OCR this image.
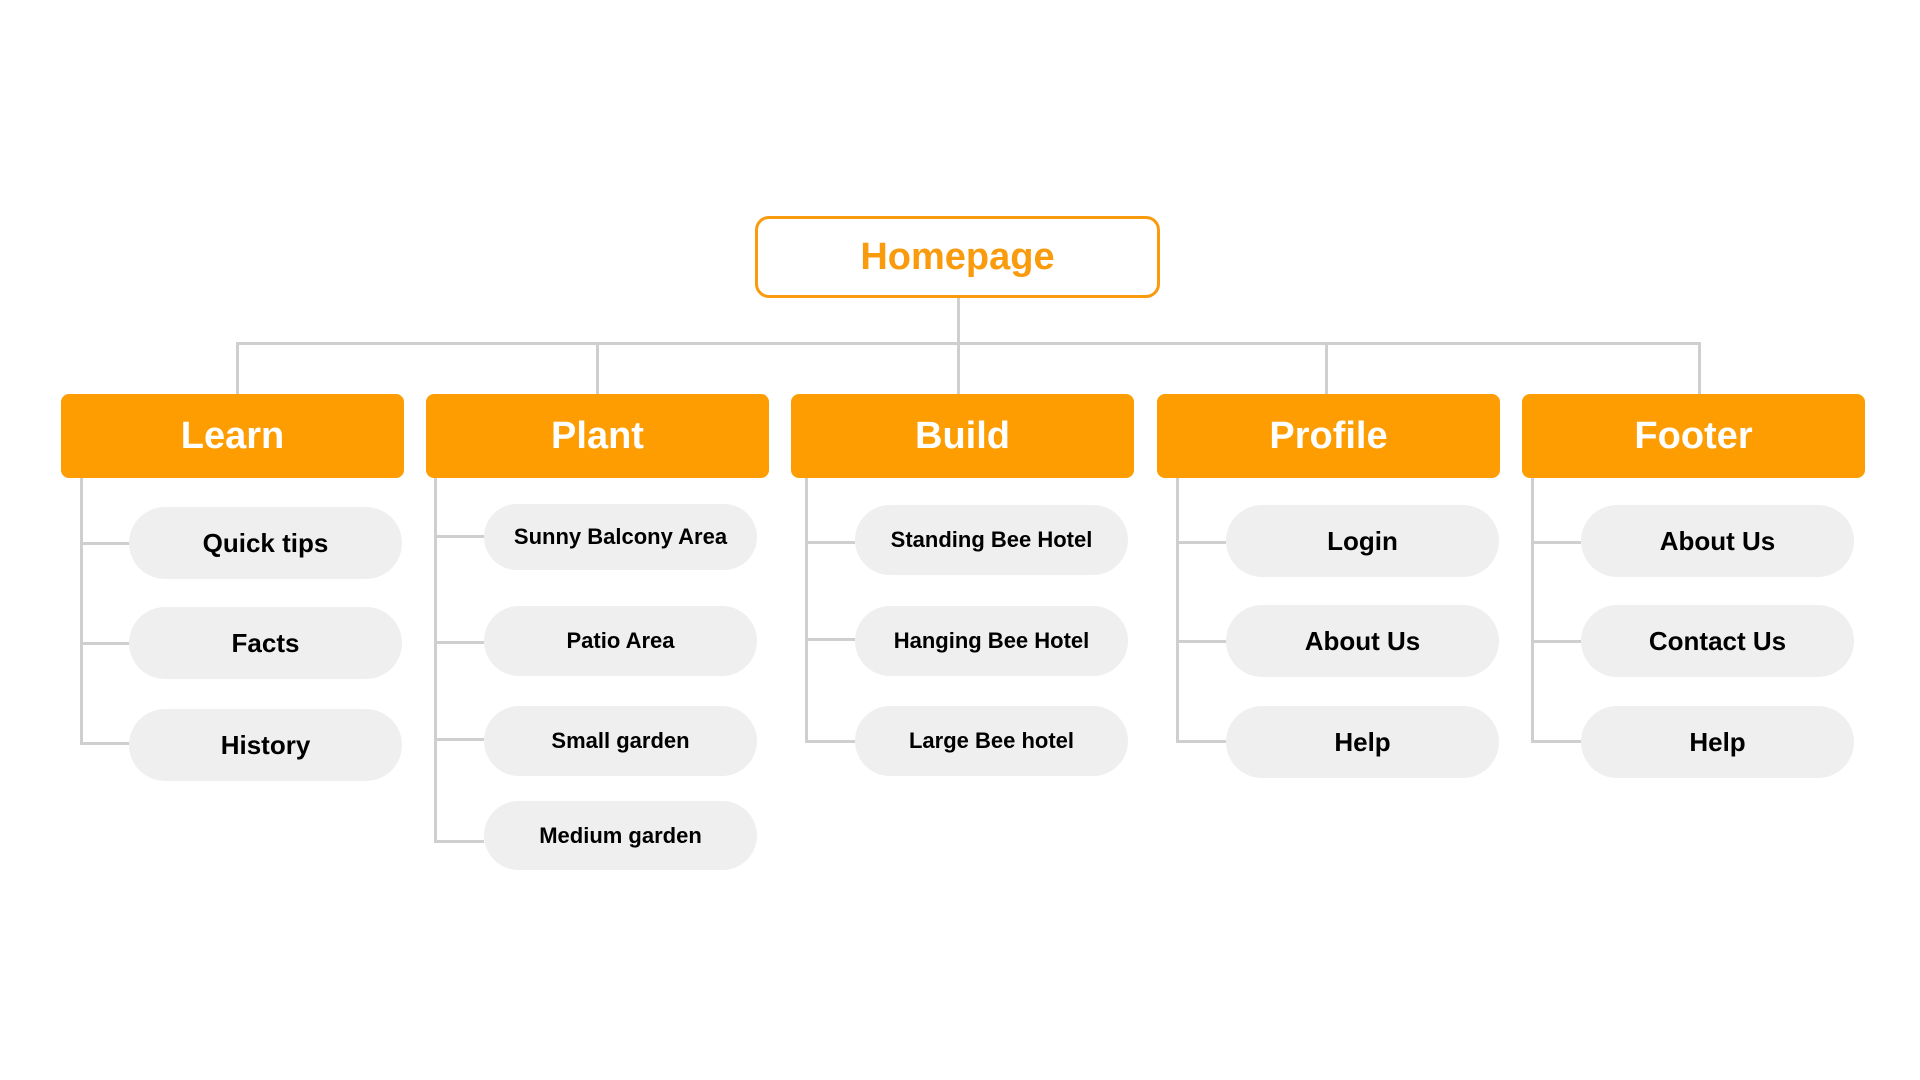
Homepage
Learn	Plant	Build	Profile	Footer
Quick tips
Facts
History
Sunny Balcony Area
Patio Area
Small garden
Medium garden
Standing Bee Hotel
Hanging Bee Hotel
Large Bee hotel
Login
About Us
Help
About Us
Contact Us
Help
